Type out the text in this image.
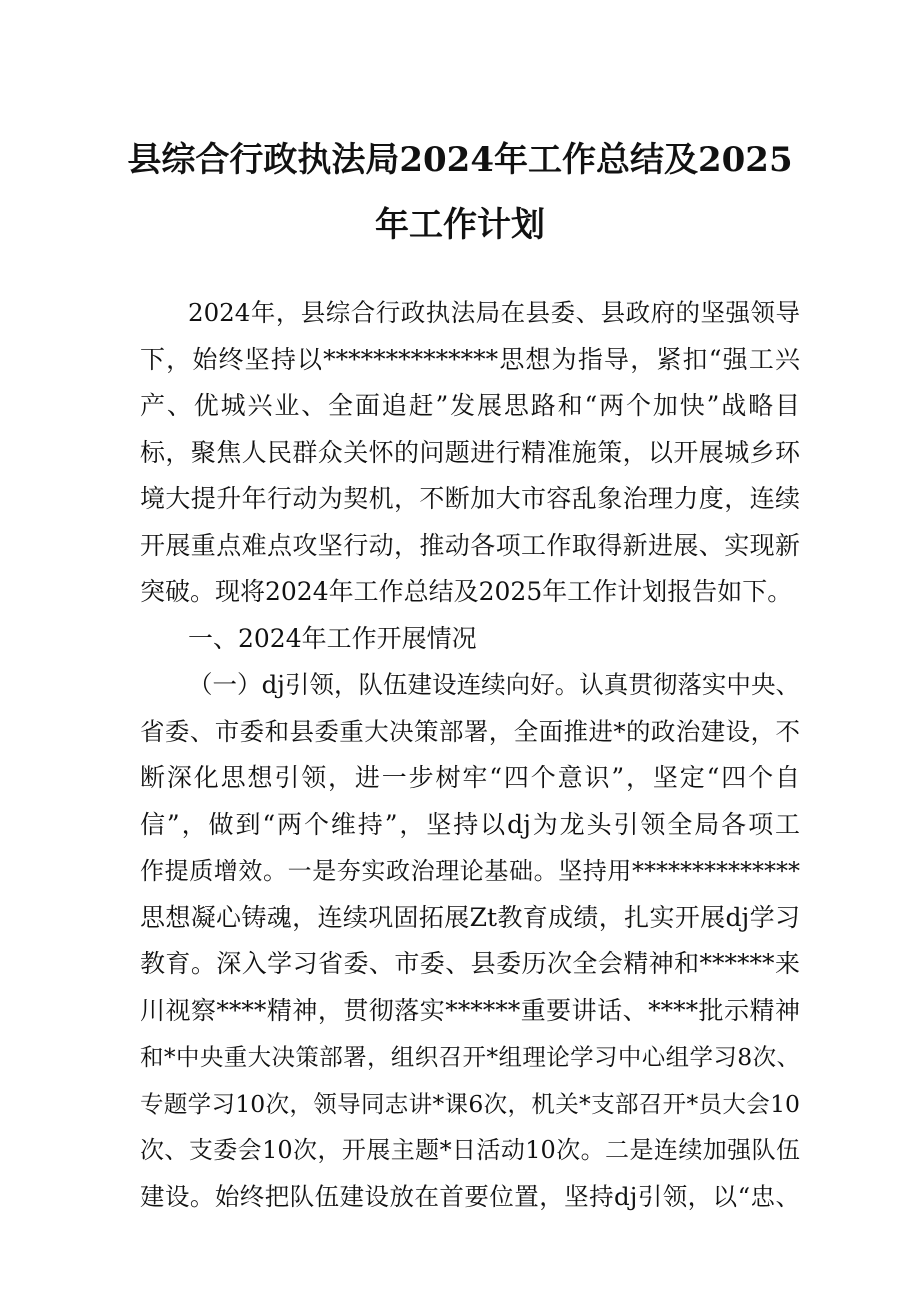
县综合行政执法局2024年工作总结及2025
年工作计划
2024年，县综合行政执法局在县委、县政府的坚强领导
下，始终坚持以**************思想为指导，紧扣“强工兴
产、优城兴业、全面追赶”发展思路和“两个加快”战略目
标，聚焦人民群众关怀的问题进行精准施策，以开展城乡环
境大提升年行动为契机，不断加大市容乱象治理力度，连续
开展重点难点攻坚行动，推动各项工作取得新进展、实现新
突破。现将2024年工作总结及2025年工作计划报告如下。
一、2024年工作开展情况
（一）dj引领，队伍建设连续向好。认真贯彻落实中央、
省委、市委和县委重大决策部署，全面推进*的政治建设，不
断深化思想引领，进一步树牢“四个意识”，坚定“四个自
信”，做到“两个维持”，坚持以dj为龙头引领全局各项工
作提质增效。一是夯实政治理论基础。坚持用**************
思想凝心铸魂，连续巩固拓展Zt教育成绩，扎实开展dj学习
教育。深入学习省委、市委、县委历次全会精神和******来
川视察****精神，贯彻落实******重要讲话、****批示精神
和*中央重大决策部署，组织召开*组理论学习中心组学习8次、
专题学习10次，领导同志讲*课6次，机关*支部召开*员大会10
次、支委会10次，开展主题*日活动10次。二是连续加强队伍
建设。始终把队伍建设放在首要位置，坚持dj引领，以“忠、
